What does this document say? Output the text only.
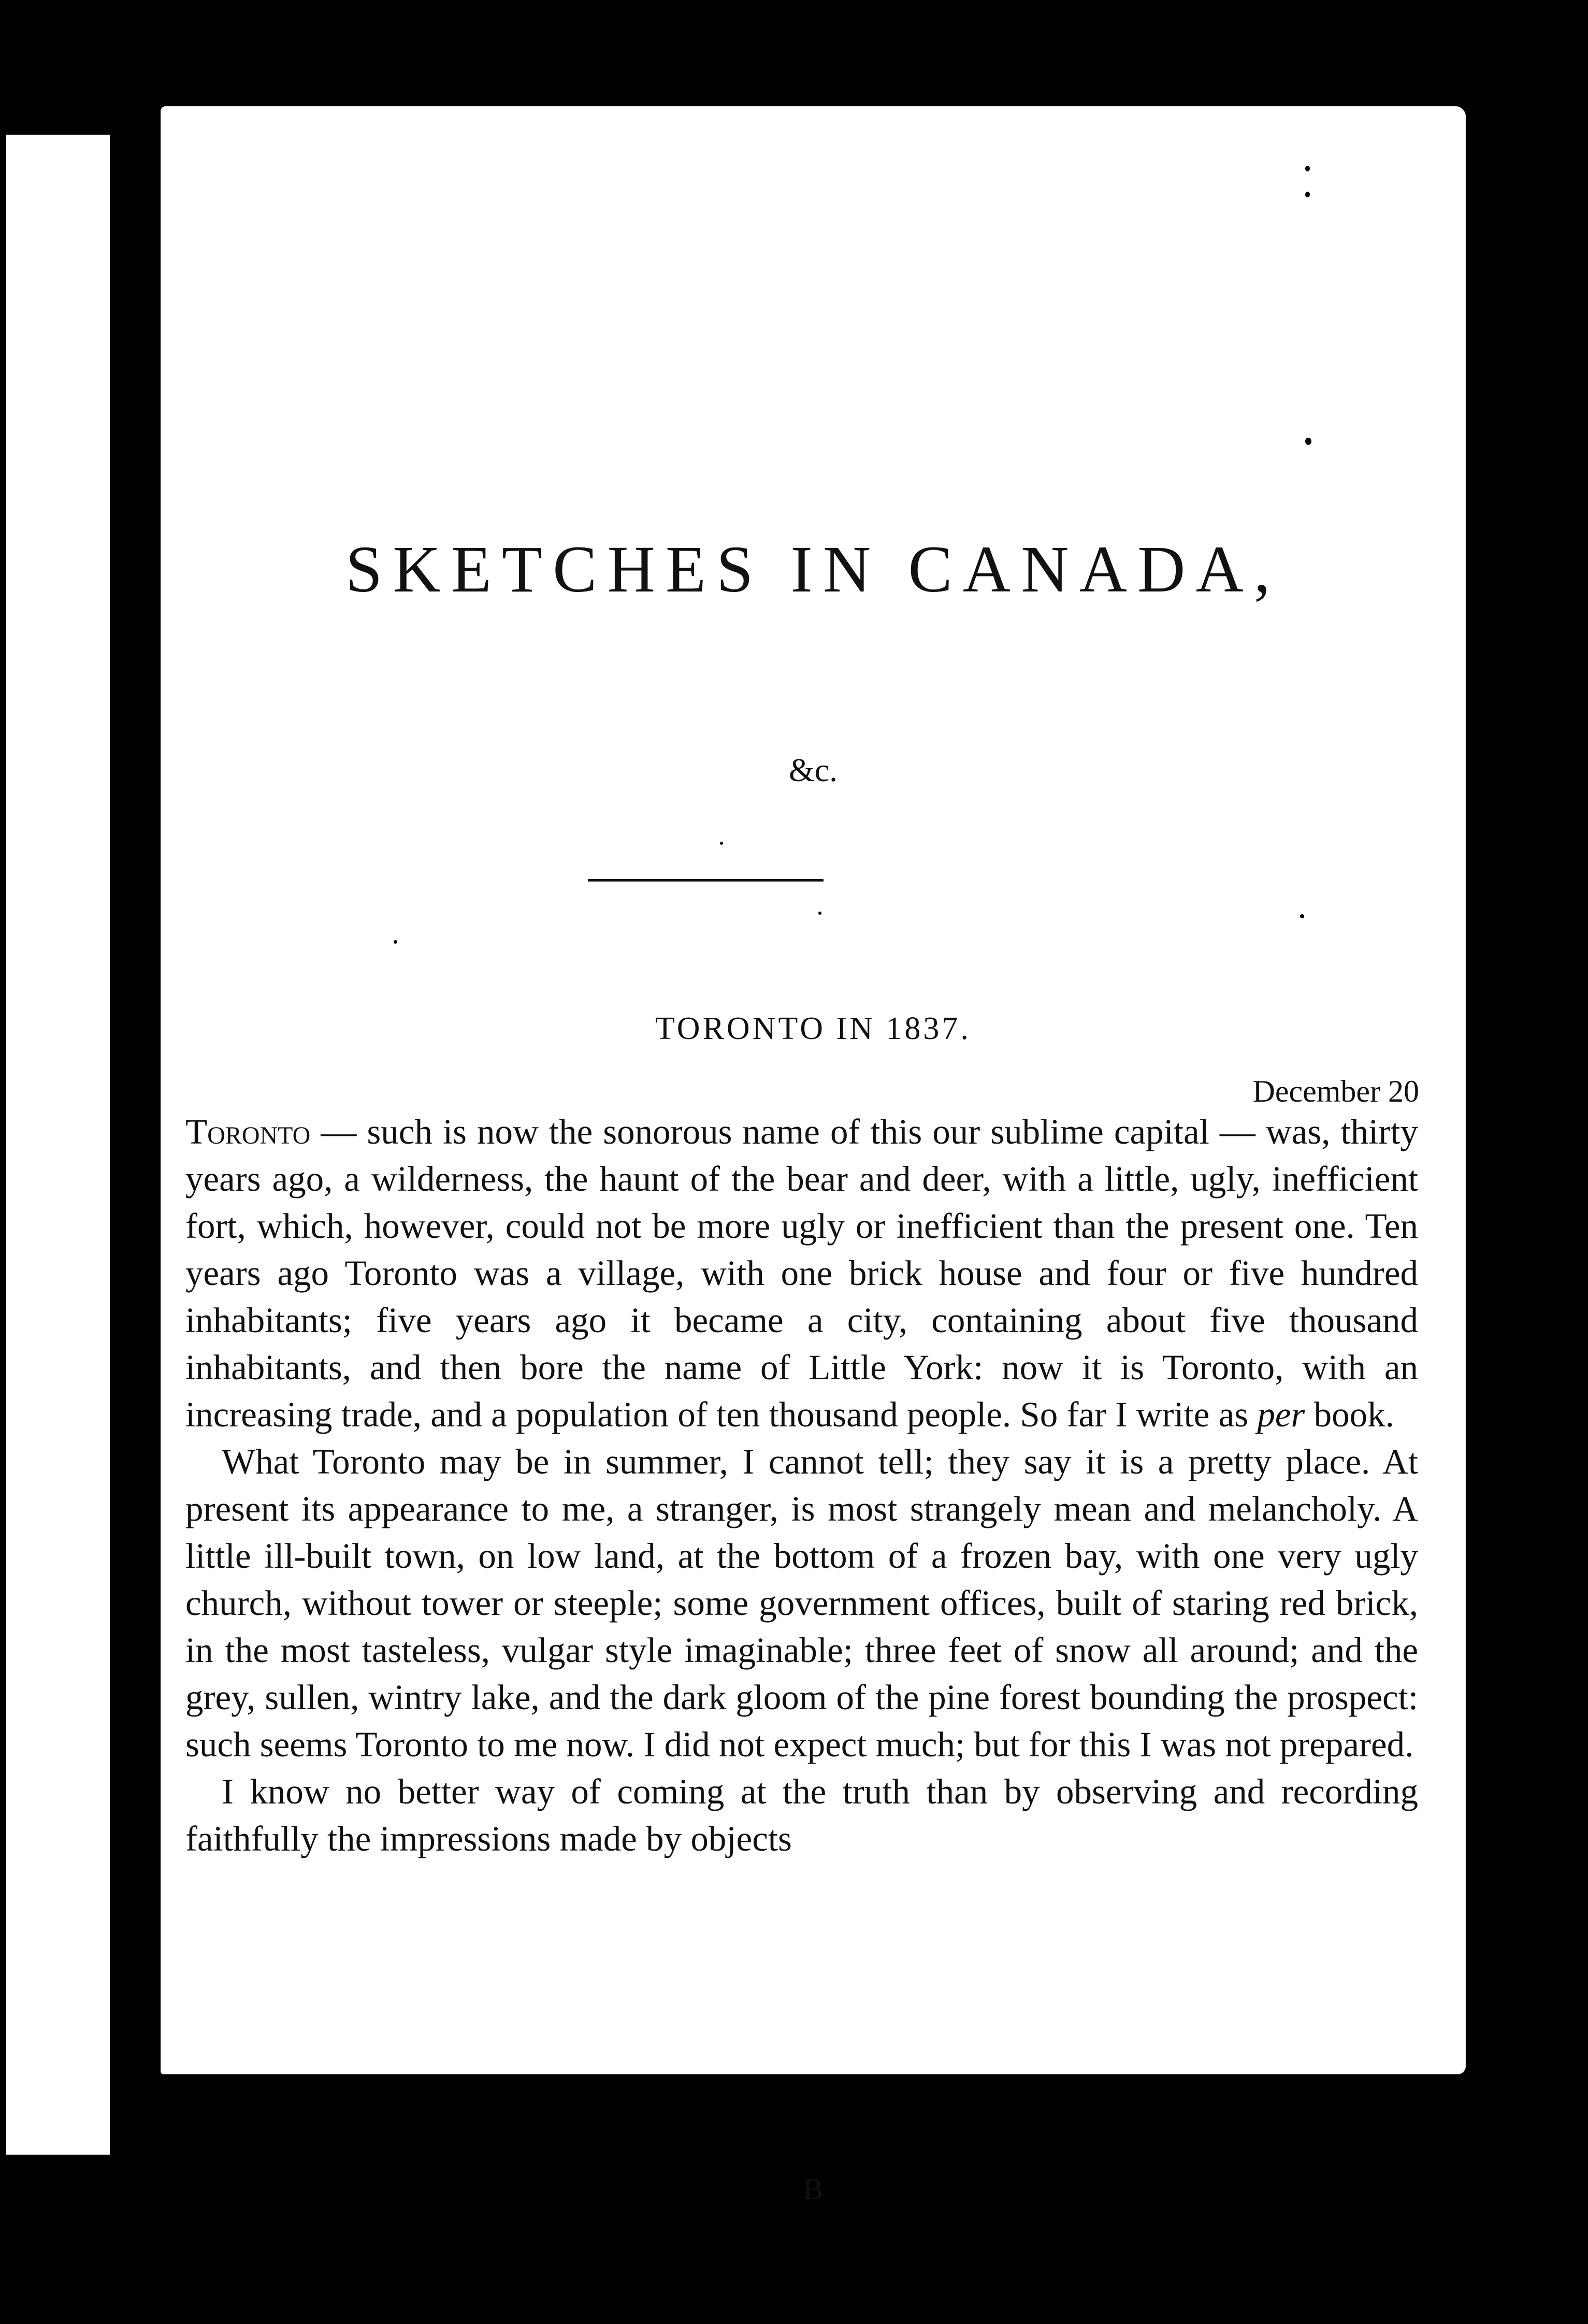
SKETCHES IN CANADA,
&c.
TORONTO IN 1837.
December 20

Toronto — such is now the sonorous name of this our sublime capital — was, thirty years ago, a wilderness, the haunt of the bear and deer, with a little, ugly, inefficient fort, which, however, could not be more ugly or inefficient than the present one. Ten years ago Toronto was a village, with one brick house and four or five hundred inhabitants; five years ago it became a city, containing about five thousand inhabitants, and then bore the name of Little York: now it is Toronto, with an increasing trade, and a population of ten thousand people. So far I write as per book.

What Toronto may be in summer, I cannot tell; they say it is a pretty place. At present its appearance to me, a stranger, is most strangely mean and melancholy. A little ill-built town, on low land, at the bottom of a frozen bay, with one very ugly church, without tower or steeple; some government offices, built of staring red brick, in the most tasteless, vulgar style imaginable; three feet of snow all around; and the grey, sullen, wintry lake, and the dark gloom of the pine forest bounding the prospect: such seems Toronto to me now. I did not expect much; but for this I was not prepared.

I know no better way of coming at the truth than by observing and recording faithfully the impressions made by objects

B
